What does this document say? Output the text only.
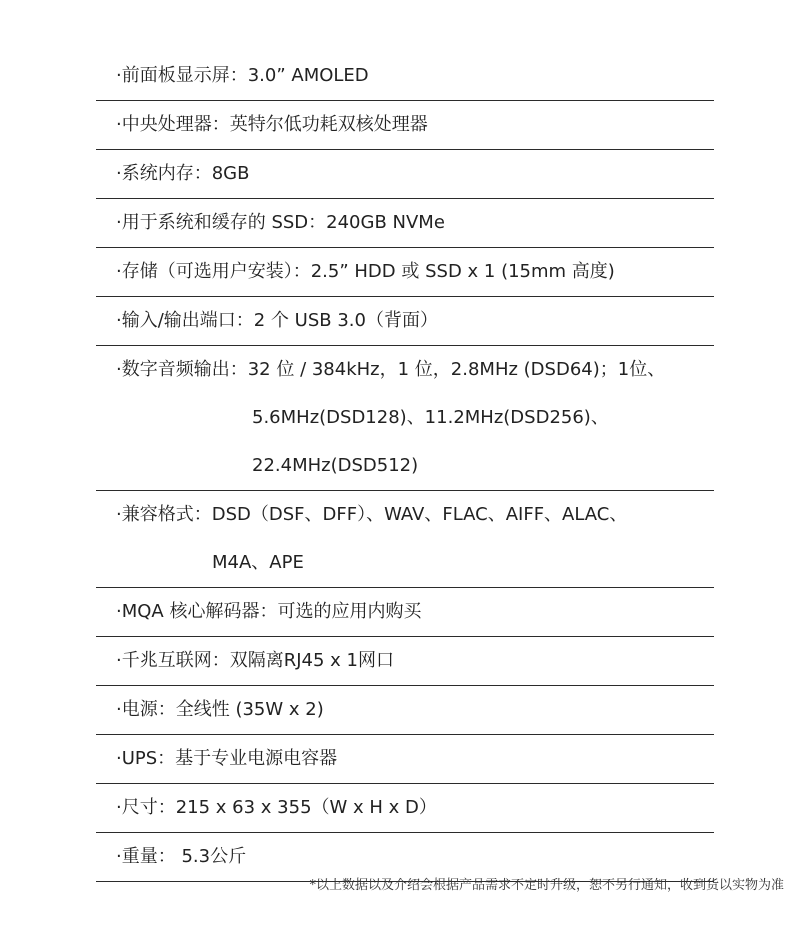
·前面板显示屏：3.0” AMOLED
·中央处理器：英特尔低功耗双核处理器
·系统内存：8GB
·用于系统和缓存的 SSD：240GB NVMe
·存储（可选用户安装）：2.5” HDD 或 SSD x 1 (15mm 高度)
·输入/输出端口：2 个 USB 3.0（背面）
·数字音频输出：32 位 / 384kHz，1 位，2.8MHz (DSD64)；1位、
5.6MHz(DSD128)、11.2MHz(DSD256)、
22.4MHz(DSD512)
·兼容格式：DSD（DSF、DFF）、WAV、FLAC、AIFF、ALAC、
M4A、APE
·MQA 核心解码器：可选的应用内购买
·千兆互联网：双隔离RJ45 x 1网口
·电源：全线性 (35W x 2)
·UPS：基于专业电源电容器
·尺寸：215 x 63 x 355（W x H x D）
·重量： 5.3公斤
*以上数据以及介绍会根据产品需求不定时升级，恕不另行通知，收到货以实物为准
